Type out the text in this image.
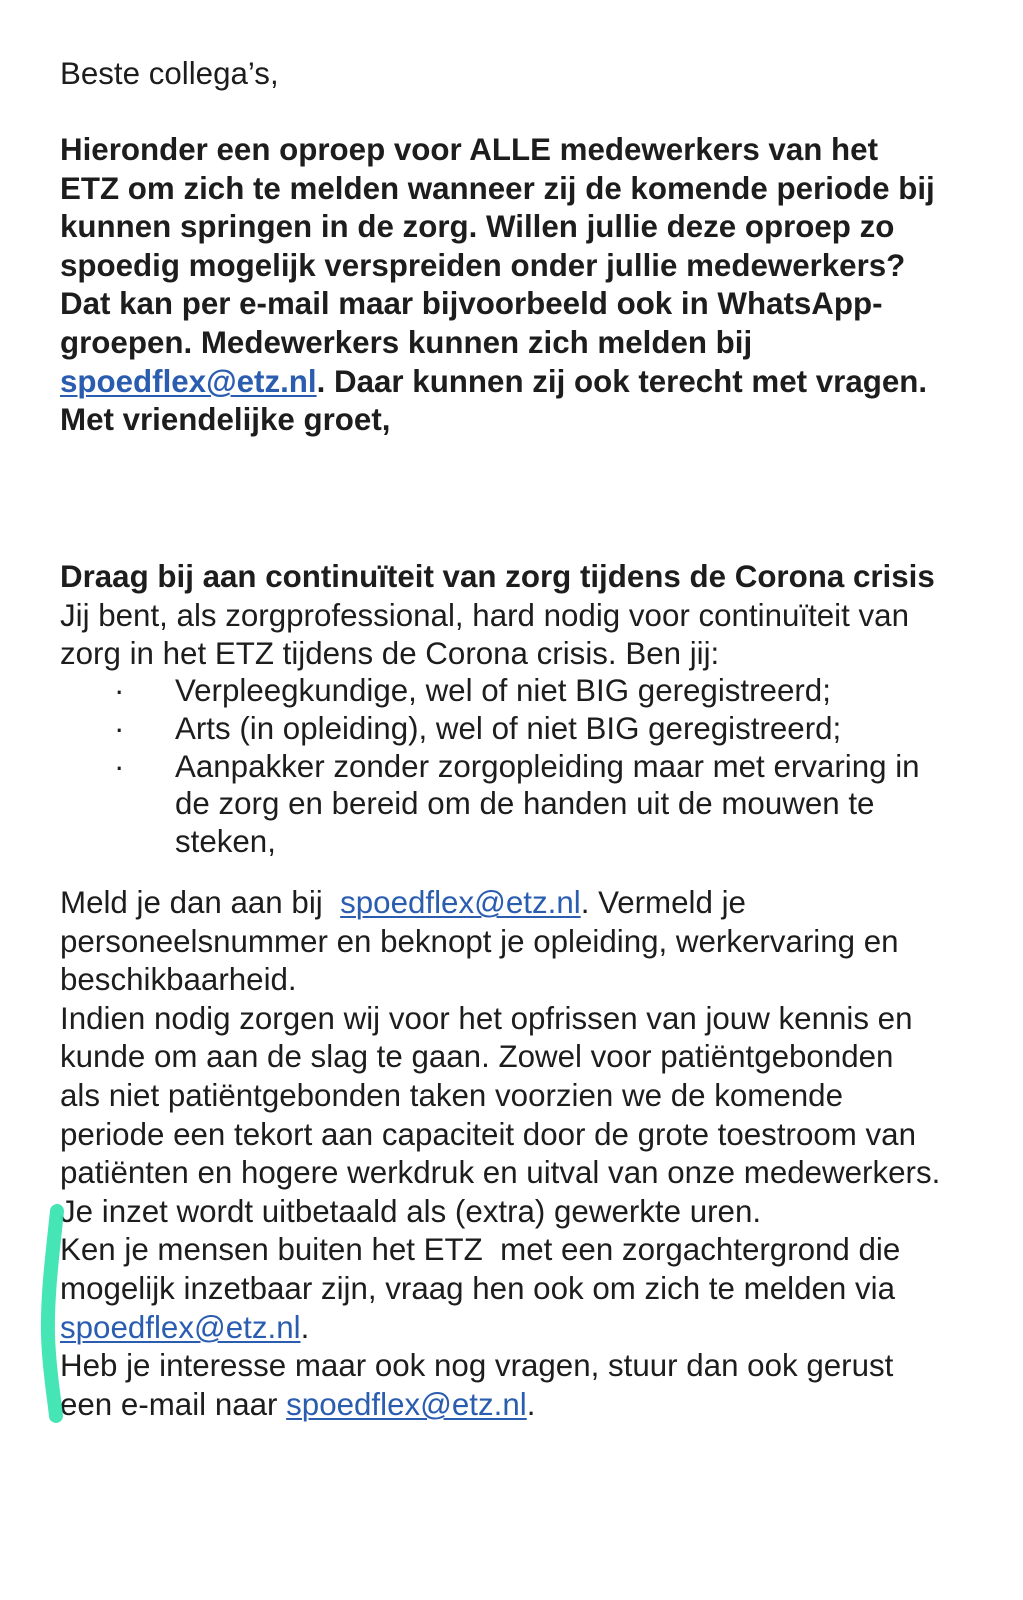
Beste collega’s,
Hieronder een oproep voor ALLE medewerkers van het
ETZ om zich te melden wanneer zij de komende periode bij
kunnen springen in de zorg. Willen jullie deze oproep zo
spoedig mogelijk verspreiden onder jullie medewerkers?
Dat kan per e-mail maar bijvoorbeeld ook in WhatsApp-
groepen. Medewerkers kunnen zich melden bij
spoedflex@etz.nl. Daar kunnen zij ook terecht met vragen.
Met vriendelijke groet,
Draag bij aan continuïteit van zorg tijdens de Corona crisis
Jij bent, als zorgprofessional, hard nodig voor continuïteit van
zorg in het ETZ tijdens de Corona crisis. Ben jij:
· Verpleegkundige, wel of niet BIG geregistreerd;
· Arts (in opleiding), wel of niet BIG geregistreerd;
· Aanpakker zonder zorgopleiding maar met ervaring in
de zorg en bereid om de handen uit de mouwen te
steken,
Meld je dan aan bij  spoedflex@etz.nl. Vermeld je
personeelsnummer en beknopt je opleiding, werkervaring en
beschikbaarheid.
Indien nodig zorgen wij voor het opfrissen van jouw kennis en
kunde om aan de slag te gaan. Zowel voor patiëntgebonden
als niet patiëntgebonden taken voorzien we de komende
periode een tekort aan capaciteit door de grote toestroom van
patiënten en hogere werkdruk en uitval van onze medewerkers.
Je inzet wordt uitbetaald als (extra) gewerkte uren.
Ken je mensen buiten het ETZ  met een zorgachtergrond die
mogelijk inzetbaar zijn, vraag hen ook om zich te melden via
spoedflex@etz.nl.
Heb je interesse maar ook nog vragen, stuur dan ook gerust
een e-mail naar spoedflex@etz.nl.
